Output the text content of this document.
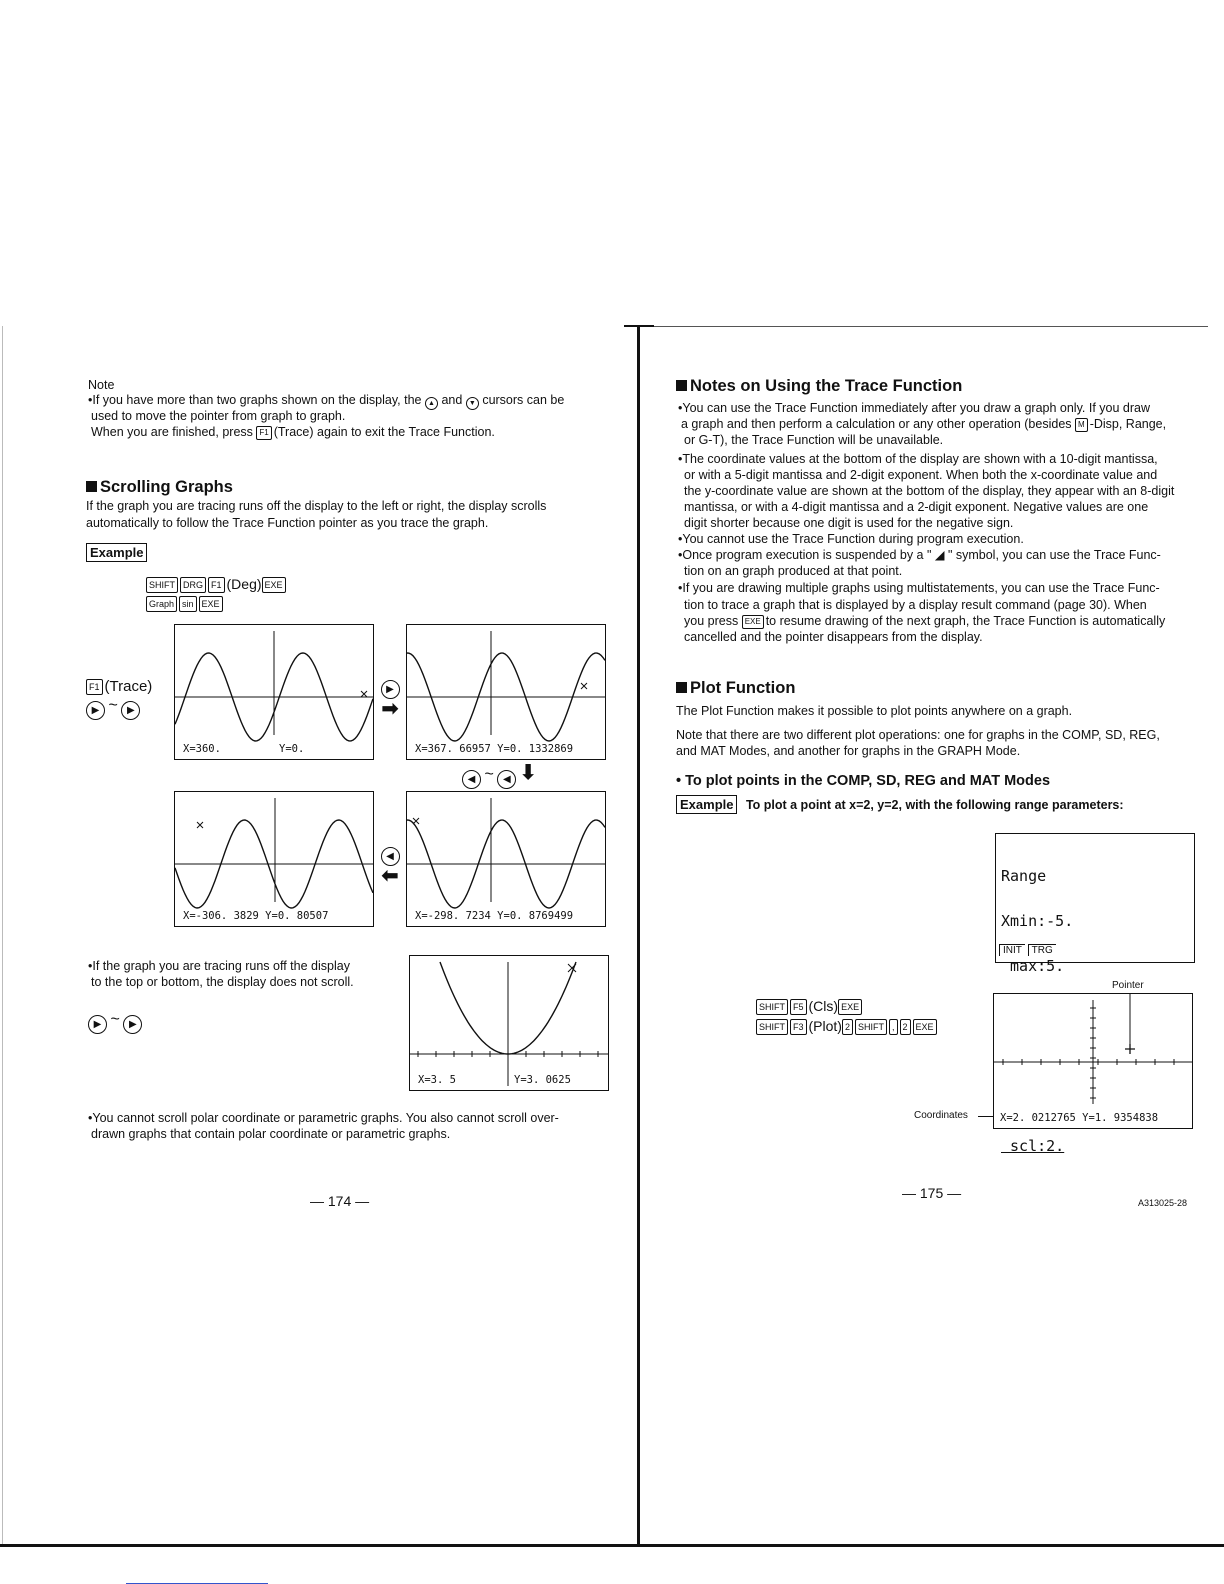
Note
•If you have more than two graphs shown on the display, the ▲ and ▼ cursors can be
used to move the pointer from graph to graph.
When you are finished, press F1 (Trace) again to exit the Trace Function.
Scrolling Graphs
If the graph you are tracing runs off the display to the left or right, the display scrolls
automatically to follow the Trace Function pointer as you trace the graph.
Example
SHIFT DRG F1 (Deg) EXE
Graph sin EXE
F1 (Trace)
▶ ~ ▶
X=360.	Y=0.
▶
➡
X=367. 66957 Y=0. 1332869
◀ ~ ◀ ⬇
X=-306. 3829 Y=0. 80507
◀
⬅
X=-298. 7234 Y=0. 8769499
•If the graph you are tracing runs off the display
to the top or bottom, the display does not scroll.
▶ ~ ▶
X=3. 5	Y=3. 0625
•You cannot scroll polar coordinate or parametric graphs. You also cannot scroll over-
drawn graphs that contain polar coordinate or parametric graphs.
— 174 —
Notes on Using the Trace Function
•You can use the Trace Function immediately after you draw a graph only. If you draw
a graph and then perform a calculation or any other operation (besides M -Disp, Range,
or G-T), the Trace Function will be unavailable.
•The coordinate values at the bottom of the display are shown with a 10-digit mantissa,
or with a 5-digit mantissa and 2-digit exponent. When both the x-coordinate value and
the y-coordinate value are shown at the bottom of the display, they appear with an 8-digit
mantissa, or with a 4-digit mantissa and a 2-digit exponent. Negative values are one
digit shorter because one digit is used for the negative sign.
•You cannot use the Trace Function during program execution.
•Once program execution is suspended by a " ◢ " symbol, you can use the Trace Func-
tion on an graph produced at that point.
•If you are drawing multiple graphs using multistatements, you can use the Trace Func-
tion to trace a graph that is displayed by a display result command (page 30). When
you press EXE to resume drawing of the next graph, the Trace Function is automatically
cancelled and the pointer disappears from the display.
Plot Function
The Plot Function makes it possible to plot points anywhere on a graph.
Note that there are two different plot operations: one for graphs in the COMP, SD, REG,
and MAT Modes, and another for graphs in the GRAPH Mode.
• To plot points in the COMP, SD, REG and MAT Modes
Example To plot a point at x=2, y=2, with the following range parameters:

Range

Xmin:-5.

max:5.

scl:2.

INIT TRG
Pointer
SHIFT F5 (Cls) EXE
SHIFT F3 (Plot) 2 SHIFT , 2 EXE
X=2. 0212765 Y=1. 9354838
Coordinates
— 175 —
A313025-28
